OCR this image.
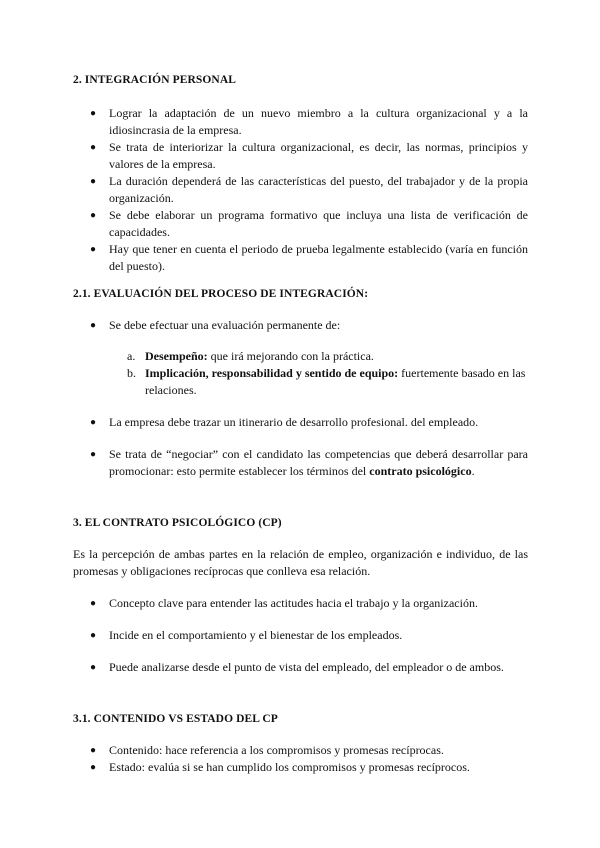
2. INTEGRACIÓN PERSONAL
● Lograr la adaptación de un nuevo miembro a la cultura organizacional y a la idiosincrasia de la empresa.
● Se trata de interiorizar la cultura organizacional, es decir, las normas, principios y valores de la empresa.
● La duración dependerá de las características del puesto, del trabajador y de la propia organización.
● Se debe elaborar un programa formativo que incluya una lista de verificación de capacidades.
● Hay que tener en cuenta el periodo de prueba legalmente establecido (varía en función del puesto).
2.1. EVALUACIÓN DEL PROCESO DE INTEGRACIÓN:
● Se debe efectuar una evaluación permanente de:
a. Desempeño: que irá mejorando con la práctica.
b. Implicación, responsabilidad y sentido de equipo: fuertemente basado en las relaciones.
● La empresa debe trazar un itinerario de desarrollo profesional. del empleado.
● Se trata de “negociar” con el candidato las competencias que deberá desarrollar para promocionar: esto permite establecer los términos del contrato psicológico.
3. EL CONTRATO PSICOLÓGICO (CP)
Es la percepción de ambas partes en la relación de empleo, organización e individuo, de las promesas y obligaciones recíprocas que conlleva esa relación.
● Concepto clave para entender las actitudes hacia el trabajo y la organización.
● Incide en el comportamiento y el bienestar de los empleados.
● Puede analizarse desde el punto de vista del empleado, del empleador o de ambos.
3.1. CONTENIDO VS ESTADO DEL CP
● Contenido: hace referencia a los compromisos y promesas recíprocas.
● Estado: evalúa si se han cumplido los compromisos y promesas recíprocos.
